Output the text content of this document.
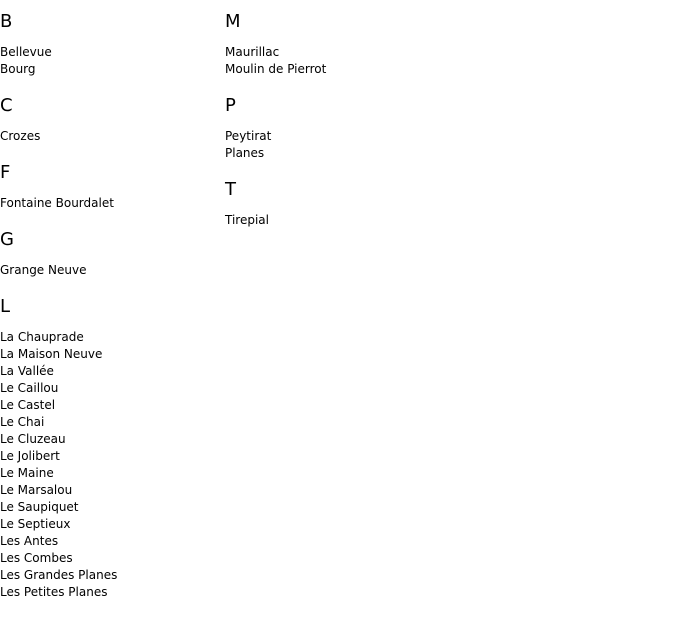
B
Bellevue
Bourg
C
Crozes
F
Fontaine Bourdalet
G
Grange Neuve
L
La Chauprade
La Maison Neuve
La Vallée
Le Caillou
Le Castel
Le Chai
Le Cluzeau
Le Jolibert
Le Maine
Le Marsalou
Le Saupiquet
Le Septieux
Les Antes
Les Combes
Les Grandes Planes
Les Petites Planes
M
Maurillac
Moulin de Pierrot
P
Peytirat
Planes
T
Tirepial
